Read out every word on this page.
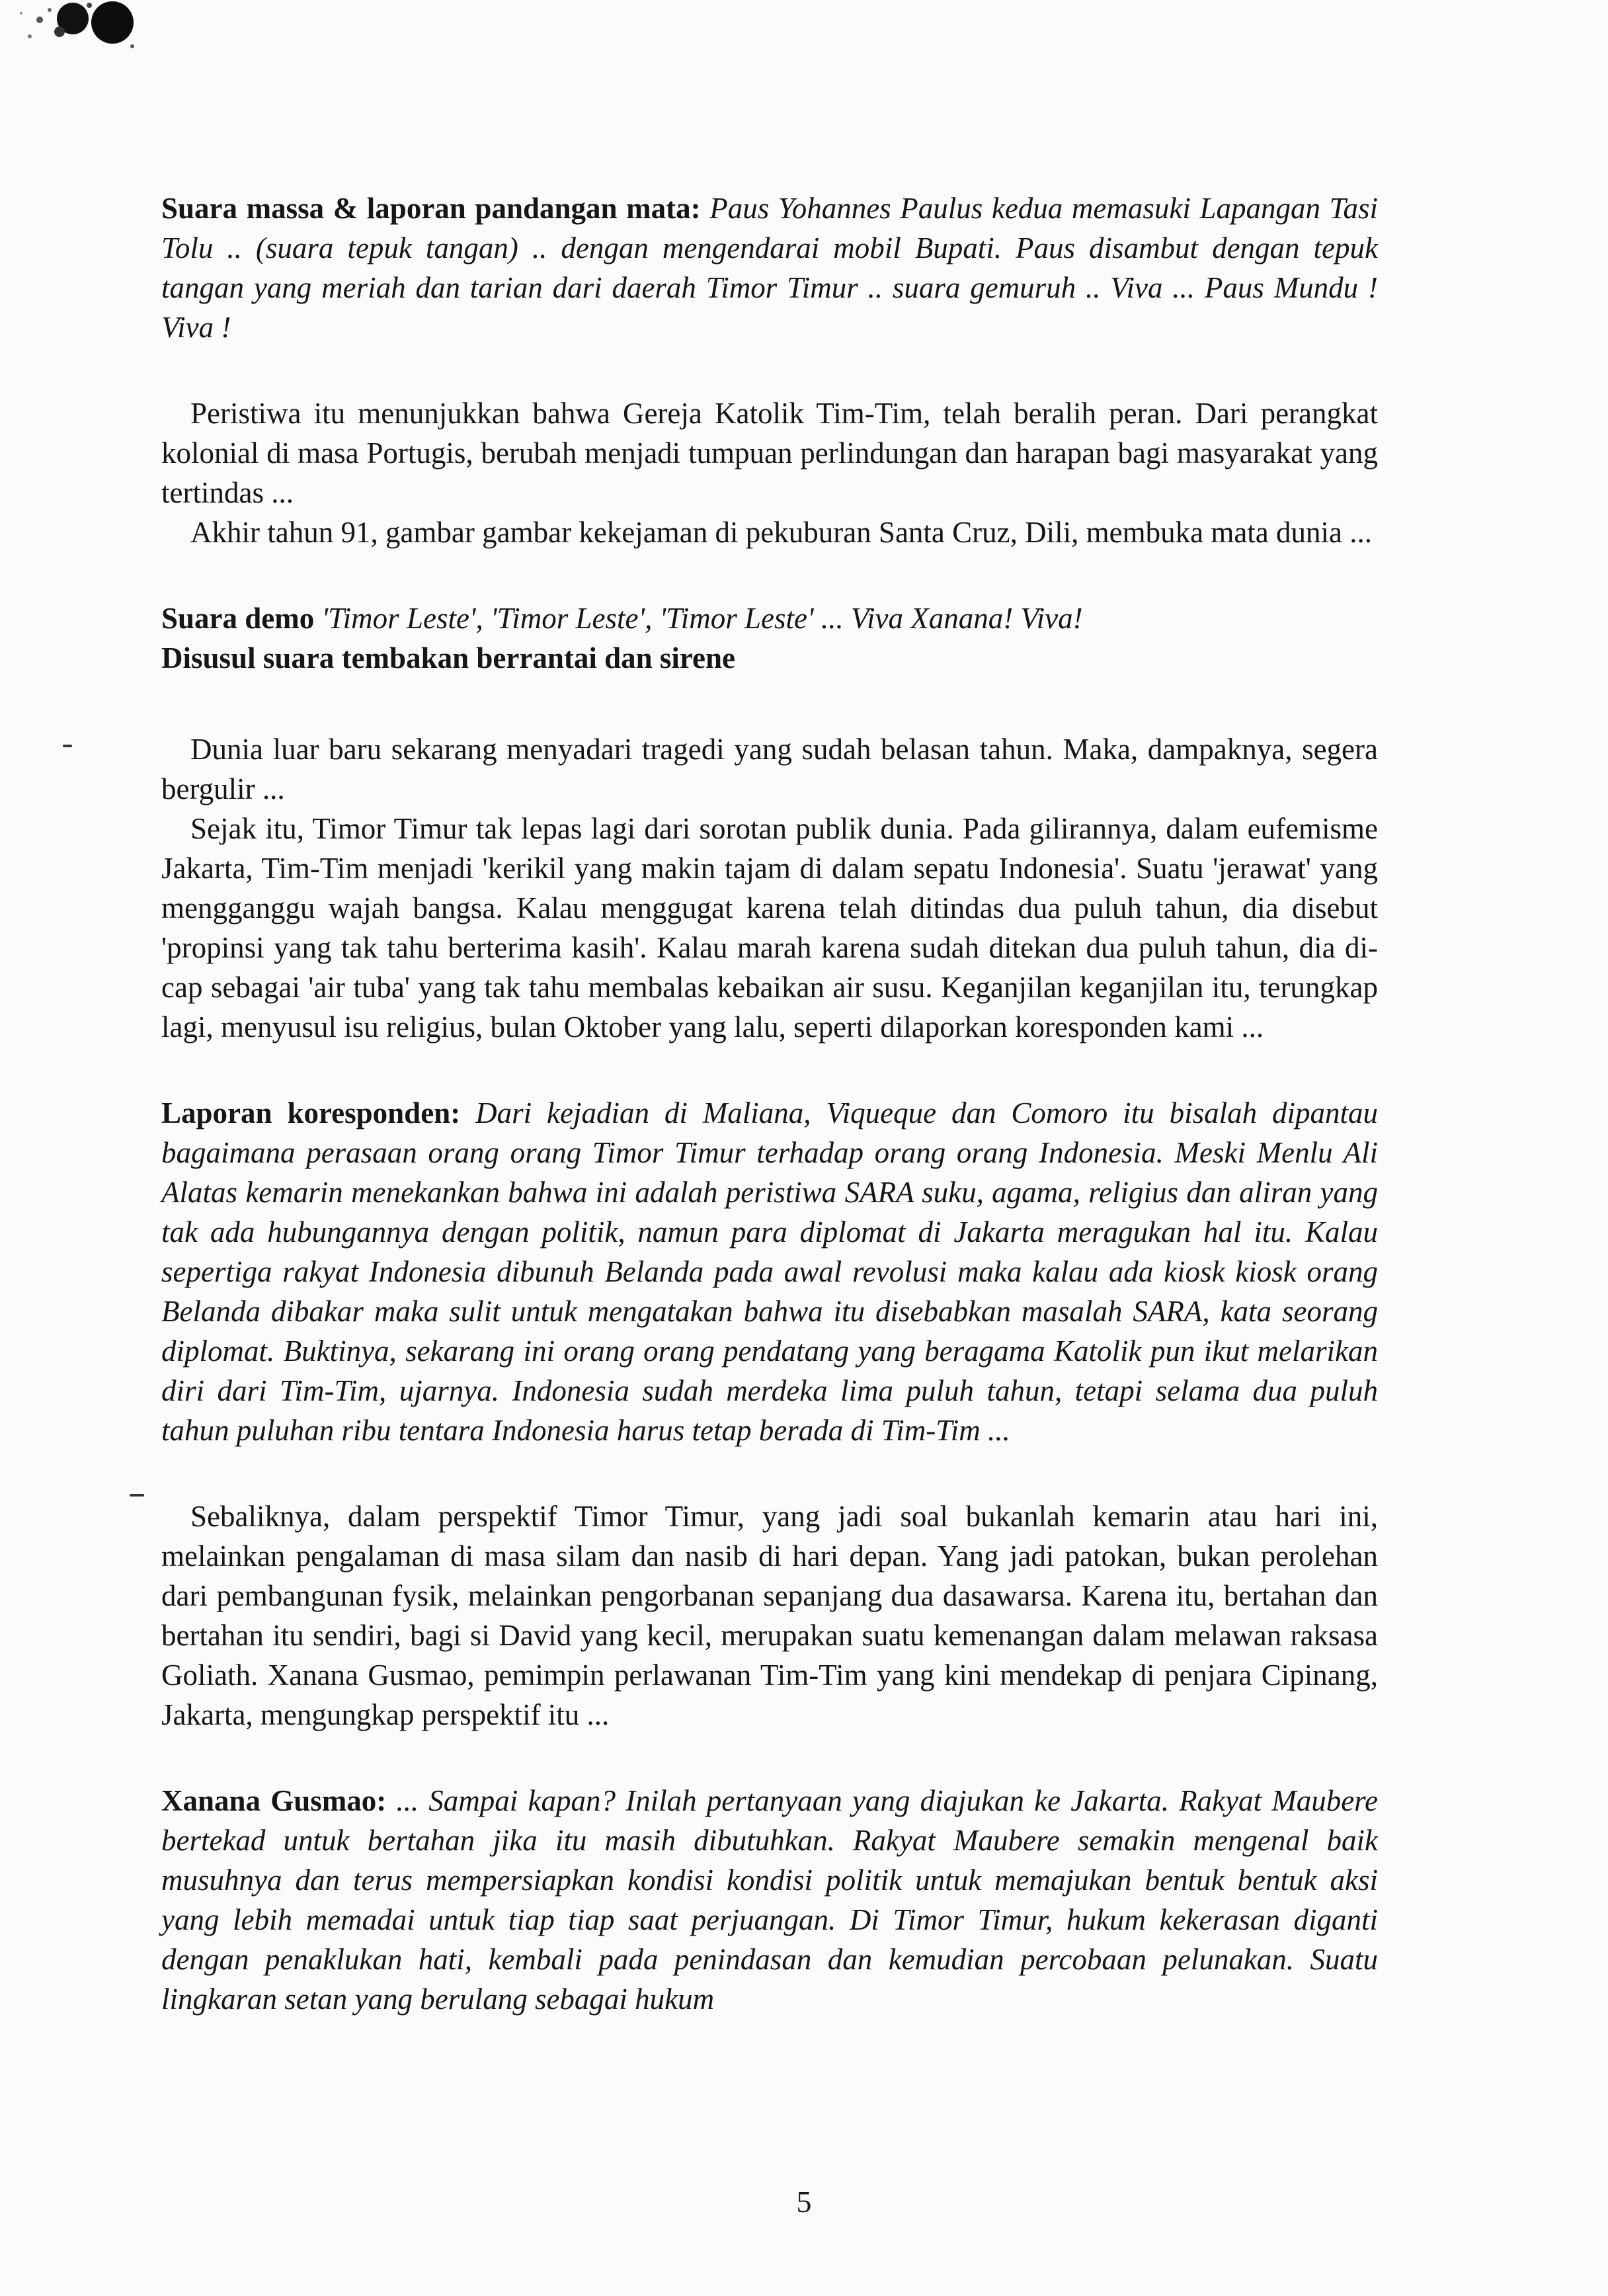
Suara massa & laporan pandangan mata: Paus Yohannes Paulus kedua memasuki Lapangan Tasi Tolu .. (suara tepuk tangan) .. dengan mengendarai mobil Bupati. Paus disambut dengan tepuk tangan yang meriah dan tarian dari daerah Timor Timur .. suara gemuruh .. Viva ... Paus Mundu ! Viva !

Peristiwa itu menunjukkan bahwa Gereja Katolik Tim-Tim, telah beralih peran. Dari perangkat kolonial di masa Portugis, berubah menjadi tumpuan perlindungan dan harapan bagi masyarakat yang tertindas ...

Akhir tahun 91, gambar gambar kekejaman di pekuburan Santa Cruz, Dili, membuka mata dunia ...

Suara demo 'Timor Leste', 'Timor Leste', 'Timor Leste' ... Viva Xanana! Viva!

Disusul suara tembakan berrantai dan sirene

Dunia luar baru sekarang menyadari tragedi yang sudah belasan tahun. Maka, dampaknya, segera bergulir ...

Sejak itu, Timor Timur tak lepas lagi dari sorotan publik dunia. Pada gilirannya, dalam eufemisme Jakarta, Tim-Tim menjadi 'kerikil yang makin tajam di dalam sepatu Indonesia'. Suatu 'jerawat' yang mengganggu wajah bangsa. Kalau menggugat karena telah ditindas dua puluh tahun, dia disebut 'propinsi yang tak tahu berterima kasih'. Kalau marah karena sudah ditekan dua puluh tahun, dia di-cap sebagai 'air tuba' yang tak tahu membalas kebaikan air susu. Keganjilan keganjilan itu, terungkap lagi, menyusul isu religius, bulan Oktober yang lalu, seperti dilaporkan koresponden kami ...

Laporan koresponden: Dari kejadian di Maliana, Viqueque dan Comoro itu bisalah dipantau bagaimana perasaan orang orang Timor Timur terhadap orang orang Indonesia. Meski Menlu Ali Alatas kemarin menekankan bahwa ini adalah peristiwa SARA suku, agama, religius dan aliran yang tak ada hubungannya dengan politik, namun para diplomat di Jakarta meragukan hal itu. Kalau sepertiga rakyat Indonesia dibunuh Belanda pada awal revolusi maka kalau ada kiosk kiosk orang Belanda dibakar maka sulit untuk mengatakan bahwa itu disebabkan masalah SARA, kata seorang diplomat. Buktinya, sekarang ini orang orang pendatang yang beragama Katolik pun ikut melarikan diri dari Tim-Tim, ujarnya. Indonesia sudah merdeka lima puluh tahun, tetapi selama dua puluh tahun puluhan ribu tentara Indonesia harus tetap berada di Tim-Tim ...

Sebaliknya, dalam perspektif Timor Timur, yang jadi soal bukanlah kemarin atau hari ini, melainkan pengalaman di masa silam dan nasib di hari depan. Yang jadi patokan, bukan perolehan dari pembangunan fysik, melainkan pengorbanan sepanjang dua dasawarsa. Karena itu, bertahan dan bertahan itu sendiri, bagi si David yang kecil, merupakan suatu kemenangan dalam melawan raksasa Goliath. Xanana Gusmao, pemimpin perlawanan Tim-Tim yang kini mendekap di penjara Cipinang, Jakarta, mengungkap perspektif itu ...

Xanana Gusmao: ... Sampai kapan? Inilah pertanyaan yang diajukan ke Jakarta. Rakyat Maubere bertekad untuk bertahan jika itu masih dibutuhkan. Rakyat Maubere semakin mengenal baik musuhnya dan terus mempersiapkan kondisi kondisi politik untuk memajukan bentuk bentuk aksi yang lebih memadai untuk tiap tiap saat perjuangan. Di Timor Timur, hukum kekerasan diganti dengan penaklukan hati, kembali pada penindasan dan kemudian percobaan pelunakan. Suatu lingkaran setan yang berulang sebagai hukum

5
